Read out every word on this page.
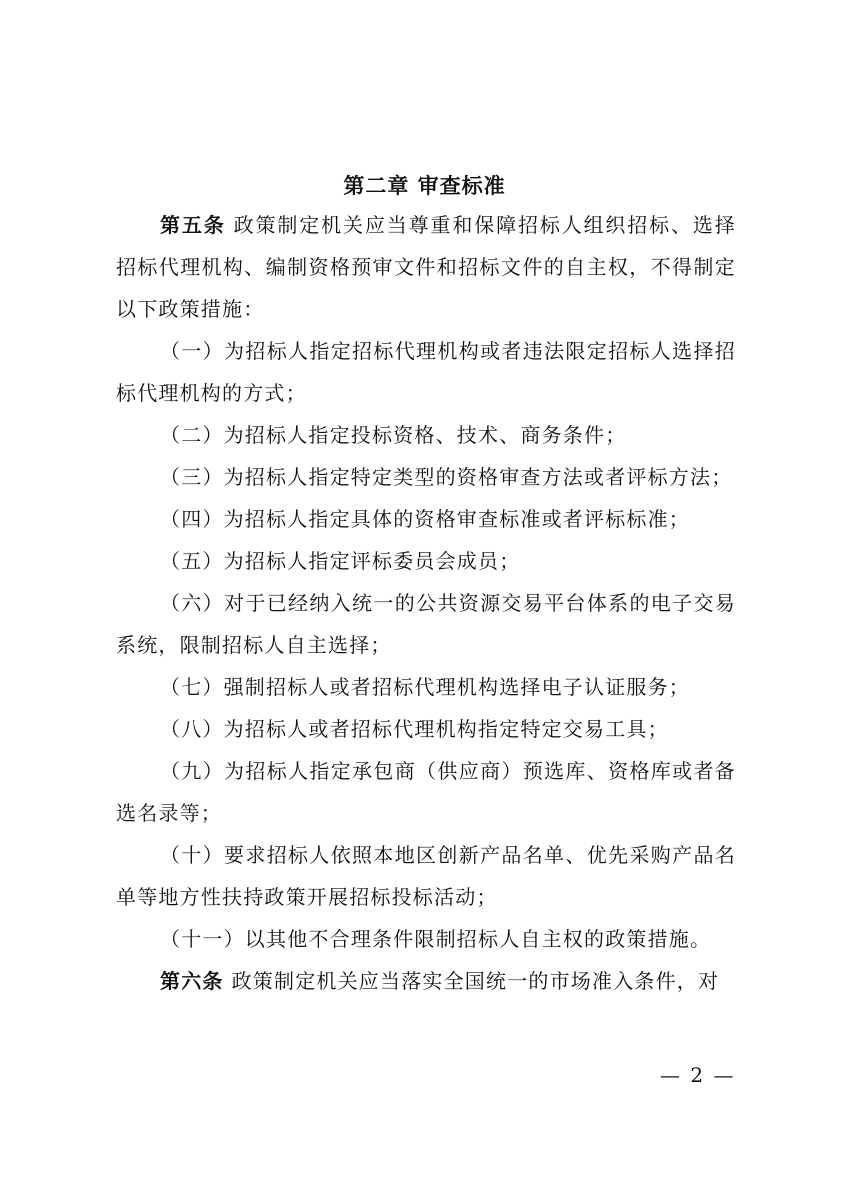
第二章 审查标准

第五条 政策制定机关应当尊重和保障招标人组织招标、选择招标代理机构、编制资格预审文件和招标文件的自主权，不得制定以下政策措施：

（一）为招标人指定招标代理机构或者违法限定招标人选择招标代理机构的方式；

（二）为招标人指定投标资格、技术、商务条件；

（三）为招标人指定特定类型的资格审查方法或者评标方法；

（四）为招标人指定具体的资格审查标准或者评标标准；

（五）为招标人指定评标委员会成员；

（六）对于已经纳入统一的公共资源交易平台体系的电子交易系统，限制招标人自主选择；

（七）强制招标人或者招标代理机构选择电子认证服务；

（八）为招标人或者招标代理机构指定特定交易工具；

（九）为招标人指定承包商（供应商）预选库、资格库或者备选名录等；

（十）要求招标人依照本地区创新产品名单、优先采购产品名单等地方性扶持政策开展招标投标活动；

（十一）以其他不合理条件限制招标人自主权的政策措施。

第六条 政策制定机关应当落实全国统一的市场准入条件，对

— 2 —
